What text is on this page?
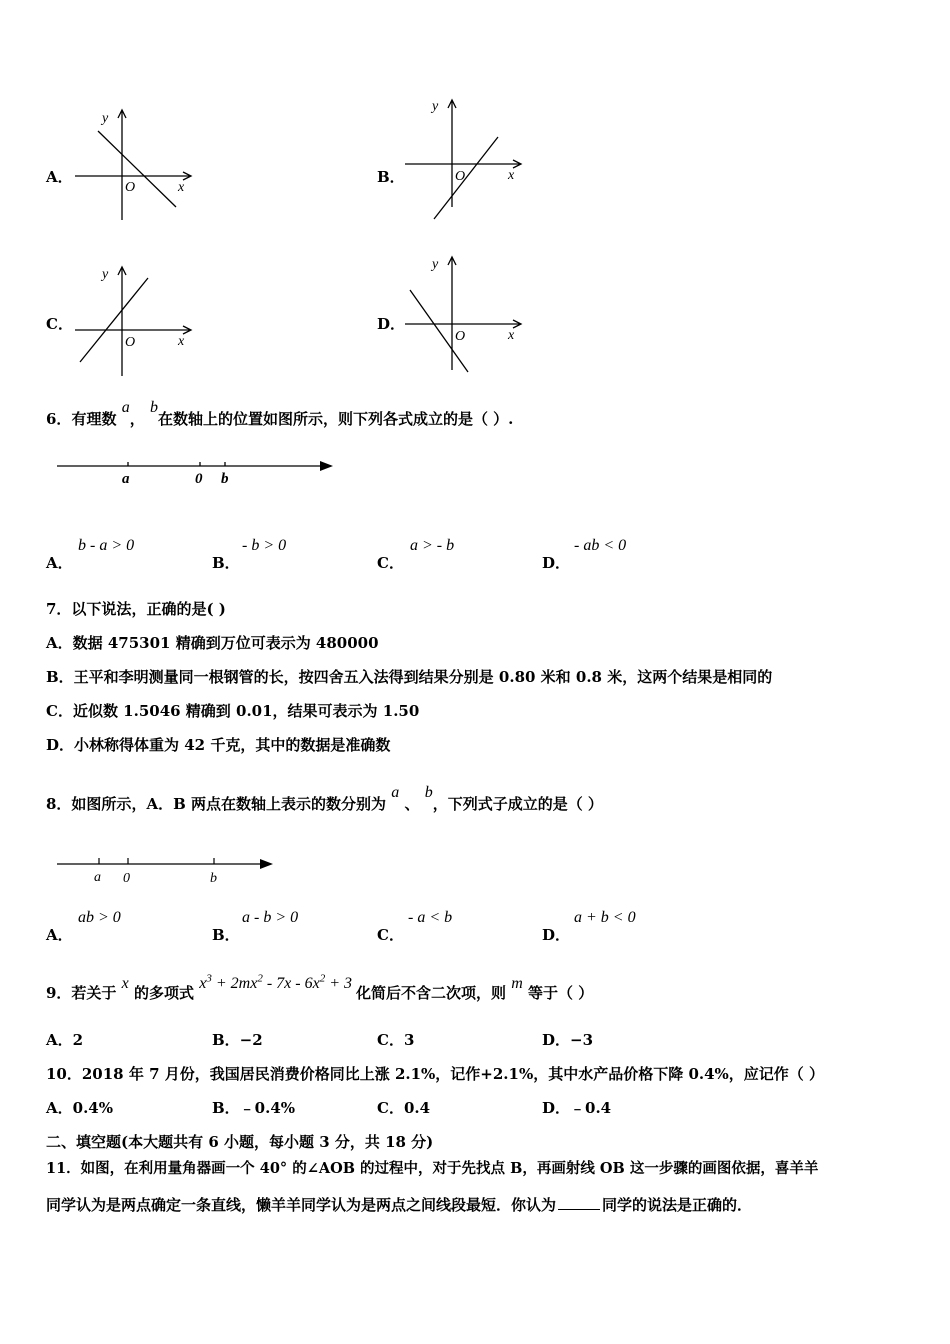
A．
y
x
O
B．
y
x
O
C．
y
x
O
D．
y
x
O
6．有理数 a， b在数轴上的位置如图所示，则下列各式成立的是（ ）.
a	0 b
A．
b - a > 0
B．
- b > 0
C．
a > - b
D．
- ab < 0
7．以下说法，正确的是( )
A．数据 475301 精确到万位可表示为 480000
B．王平和李明测量同一根钢管的长，按四舍五入法得到结果分别是 0.80 米和 0.8 米，这两个结果是相同的
C．近似数 1.5046 精确到 0.01，结果可表示为 1.50
D．小林称得体重为 42 千克，其中的数据是准确数
8．如图所示，A．B 两点在数轴上表示的数分别为 a 、 b，下列式子成立的是（ ）
a 0	b
A．
ab > 0
B．
a - b > 0
C．
- a < b
D．
a + b < 0
9．若关于 x 的多项式 $x^3 + 2mx^2 - 7x - 6x^2 + 3$ 化简后不含二次项，则 m 等于（ ）
A．2	B．−2	C．3	D．−3
10．2018 年 7 月份，我国居民消费价格同比上涨 2.1%，记作+2.1%，其中水产品价格下降 0.4%，应记作（ ）
A．0.4%	B．﹣0.4%	C．0.4	D．﹣0.4
二、填空题(本大题共有 6 小题，每小题 3 分，共 18 分)
11．如图，在利用量角器画一个 40° 的∠AOB 的过程中，对于先找点 B，再画射线 OB 这一步骤的画图依据，喜羊羊
同学认为是两点确定一条直线，懒羊羊同学认为是两点之间线段最短．你认为	同学的说法是正确的．
